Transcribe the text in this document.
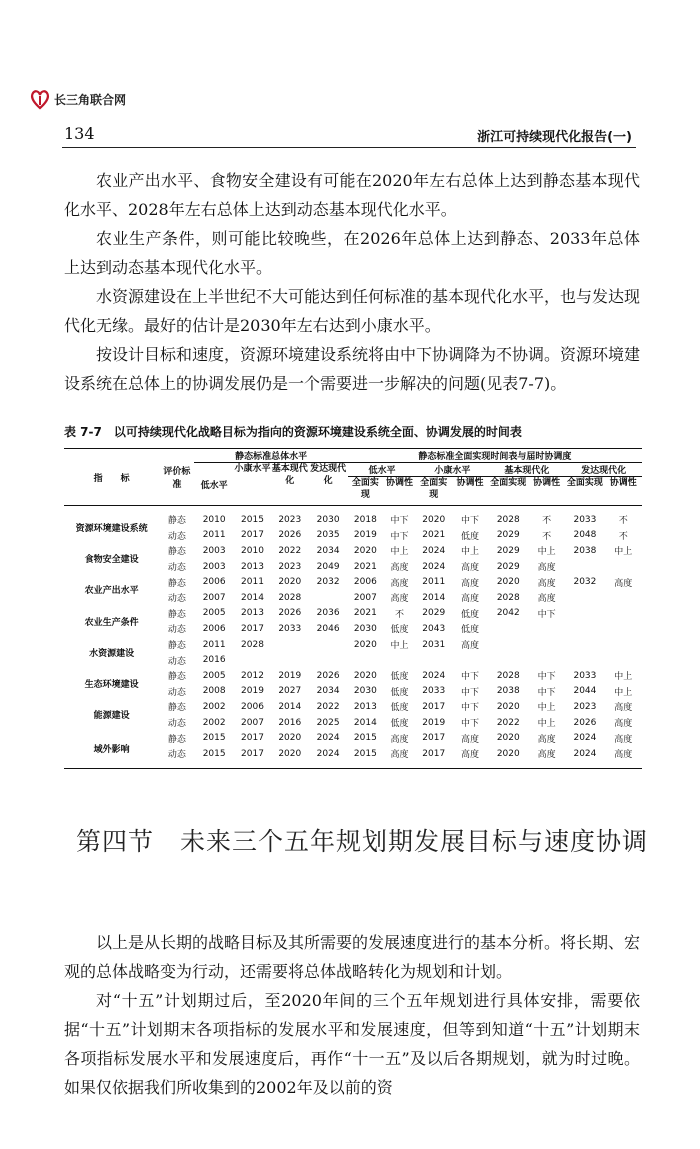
长三角联合网
134	浙江可持续现代化报告(一)

农业产出水平、食物安全建设有可能在2020年左右总体上达到静态基本现代化水平、2028年左右总体上达到动态基本现代化水平。

农业生产条件，则可能比较晚些，在2026年总体上达到静态、2033年总体上达到动态基本现代化水平。

水资源建设在上半世纪不大可能达到任何标准的基本现代化水平，也与发达现代化无缘。最好的估计是2030年左右达到小康水平。

按设计目标和速度，资源环境建设系统将由中下协调降为不协调。资源环境建设系统在总体上的协调发展仍是一个需要进一步解决的问题(见表7-7)。

表 7-7　以可持续现代化战略目标为指向的资源环境建设系统全面、协调发展的时间表
指　　标	评价标准	静态标准总体水平				静态标准全面实现时间表与届时协调度							
		低水平	小康水平	基本现代化	发达现代化	低水平		小康水平		基本现代化		发达现代化	
						全面实现	协调性	全面实现	协调性	全面实现	协调性	全面实现	协调性

资源环境建设系统	静态	2010	2015	2023	2030	2018	中下	2020	中下	2028	不	2033	不
	动态	2011	2017	2026	2035	2019	中下	2021	低度	2029	不	2048	不
食物安全建设	静态	2003	2010	2022	2034	2020	中上	2024	中上	2029	中上	2038	中上
	动态	2003	2013	2023	2049	2021	高度	2024	高度	2029	高度		
农业产出水平	静态	2006	2011	2020	2032	2006	高度	2011	高度	2020	高度	2032	高度
	动态	2007	2014	2028		2007	高度	2014	高度	2028	高度		
农业生产条件	静态	2005	2013	2026	2036	2021	不	2029	低度	2042	中下		
	动态	2006	2017	2033	2046	2030	低度	2043	低度				
水资源建设	静态	2011	2028			2020	中上	2031	高度				
	动态	2016											
生态环境建设	静态	2005	2012	2019	2026	2020	低度	2024	中下	2028	中下	2033	中上
	动态	2008	2019	2027	2034	2030	低度	2033	中下	2038	中下	2044	中上
能源建设	静态	2002	2006	2014	2022	2013	低度	2017	中下	2020	中上	2023	高度
	动态	2002	2007	2016	2025	2014	低度	2019	中下	2022	中上	2026	高度
域外影响	静态	2015	2017	2020	2024	2015	高度	2017	高度	2020	高度	2024	高度
	动态	2015	2017	2020	2024	2015	高度	2017	高度	2020	高度	2024	高度
第四节　未来三个五年规划期发展目标与速度协调

以上是从长期的战略目标及其所需要的发展速度进行的基本分析。将长期、宏观的总体战略变为行动，还需要将总体战略转化为规划和计划。

对“十五”计划期过后，至2020年间的三个五年规划进行具体安排，需要依据“十五”计划期末各项指标的发展水平和发展速度，但等到知道“十五”计划期末各项指标发展水平和发展速度后，再作“十一五”及以后各期规划，就为时过晚。如果仅依据我们所收集到的2002年及以前的资
